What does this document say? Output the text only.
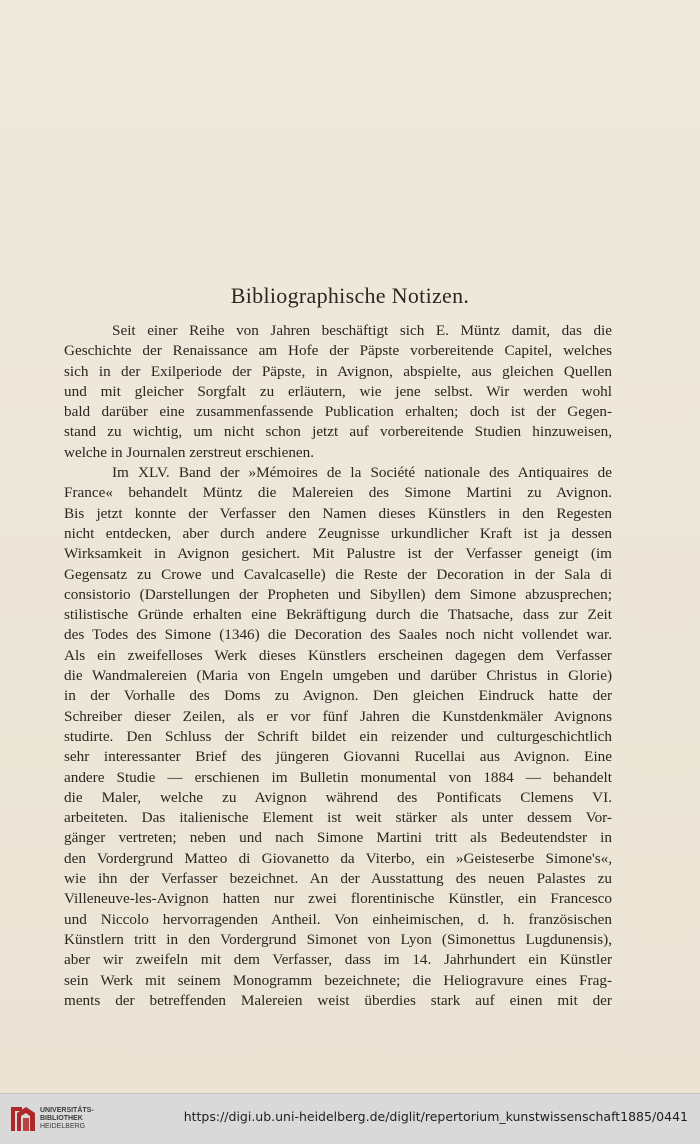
Bibliographische Notizen.
Seit einer Reihe von Jahren beschäftigt sich E. Müntz damit, das die
Geschichte der Renaissance am Hofe der Päpste vorbereitende Capitel, welches
sich in der Exilperiode der Päpste, in Avignon, abspielte, aus gleichen Quellen
und mit gleicher Sorgfalt zu erläutern, wie jene selbst. Wir werden wohl
bald darüber eine zusammenfassende Publication erhalten; doch ist der Gegen-
stand zu wichtig, um nicht schon jetzt auf vorbereitende Studien hinzuweisen,
welche in Journalen zerstreut erschienen.
Im XLV. Band der »Mémoires de la Société nationale des Antiquaires de
France« behandelt Müntz die Malereien des Simone Martini zu Avignon.
Bis jetzt konnte der Verfasser den Namen dieses Künstlers in den Regesten
nicht entdecken, aber durch andere Zeugnisse urkundlicher Kraft ist ja dessen
Wirksamkeit in Avignon gesichert. Mit Palustre ist der Verfasser geneigt (im
Gegensatz zu Crowe und Cavalcaselle) die Reste der Decoration in der Sala di
consistorio (Darstellungen der Propheten und Sibyllen) dem Simone abzusprechen;
stilistische Gründe erhalten eine Bekräftigung durch die Thatsache, dass zur Zeit
des Todes des Simone (1346) die Decoration des Saales noch nicht vollendet war.
Als ein zweifelloses Werk dieses Künstlers erscheinen dagegen dem Verfasser
die Wandmalereien (Maria von Engeln umgeben und darüber Christus in Glorie)
in der Vorhalle des Doms zu Avignon. Den gleichen Eindruck hatte der
Schreiber dieser Zeilen, als er vor fünf Jahren die Kunstdenkmäler Avignons
studirte. Den Schluss der Schrift bildet ein reizender und culturgeschichtlich
sehr interessanter Brief des jüngeren Giovanni Rucellai aus Avignon. Eine
andere Studie — erschienen im Bulletin monumental von 1884 — behandelt
die Maler, welche zu Avignon während des Pontificats Clemens VI.
arbeiteten. Das italienische Element ist weit stärker als unter dessem Vor-
gänger vertreten; neben und nach Simone Martini tritt als Bedeutendster in
den Vordergrund Matteo di Giovanetto da Viterbo, ein »Geisteserbe Simone's«,
wie ihn der Verfasser bezeichnet. An der Ausstattung des neuen Palastes zu
Villeneuve-les-Avignon hatten nur zwei florentinische Künstler, ein Francesco
und Niccolo hervorragenden Antheil. Von einheimischen, d. h. französischen
Künstlern tritt in den Vordergrund Simonet von Lyon (Simonettus Lugdunensis),
aber wir zweifeln mit dem Verfasser, dass im 14. Jahrhundert ein Künstler
sein Werk mit seinem Monogramm bezeichnete; die Heliogravure eines Frag-
ments der betreffenden Malereien weist überdies stark auf einen mit der
UNIVERSITÄTS-
BIBLIOTHEK
HEIDELBERG
https://digi.ub.uni-heidelberg.de/diglit/repertorium_kunstwissenschaft1885/0441
